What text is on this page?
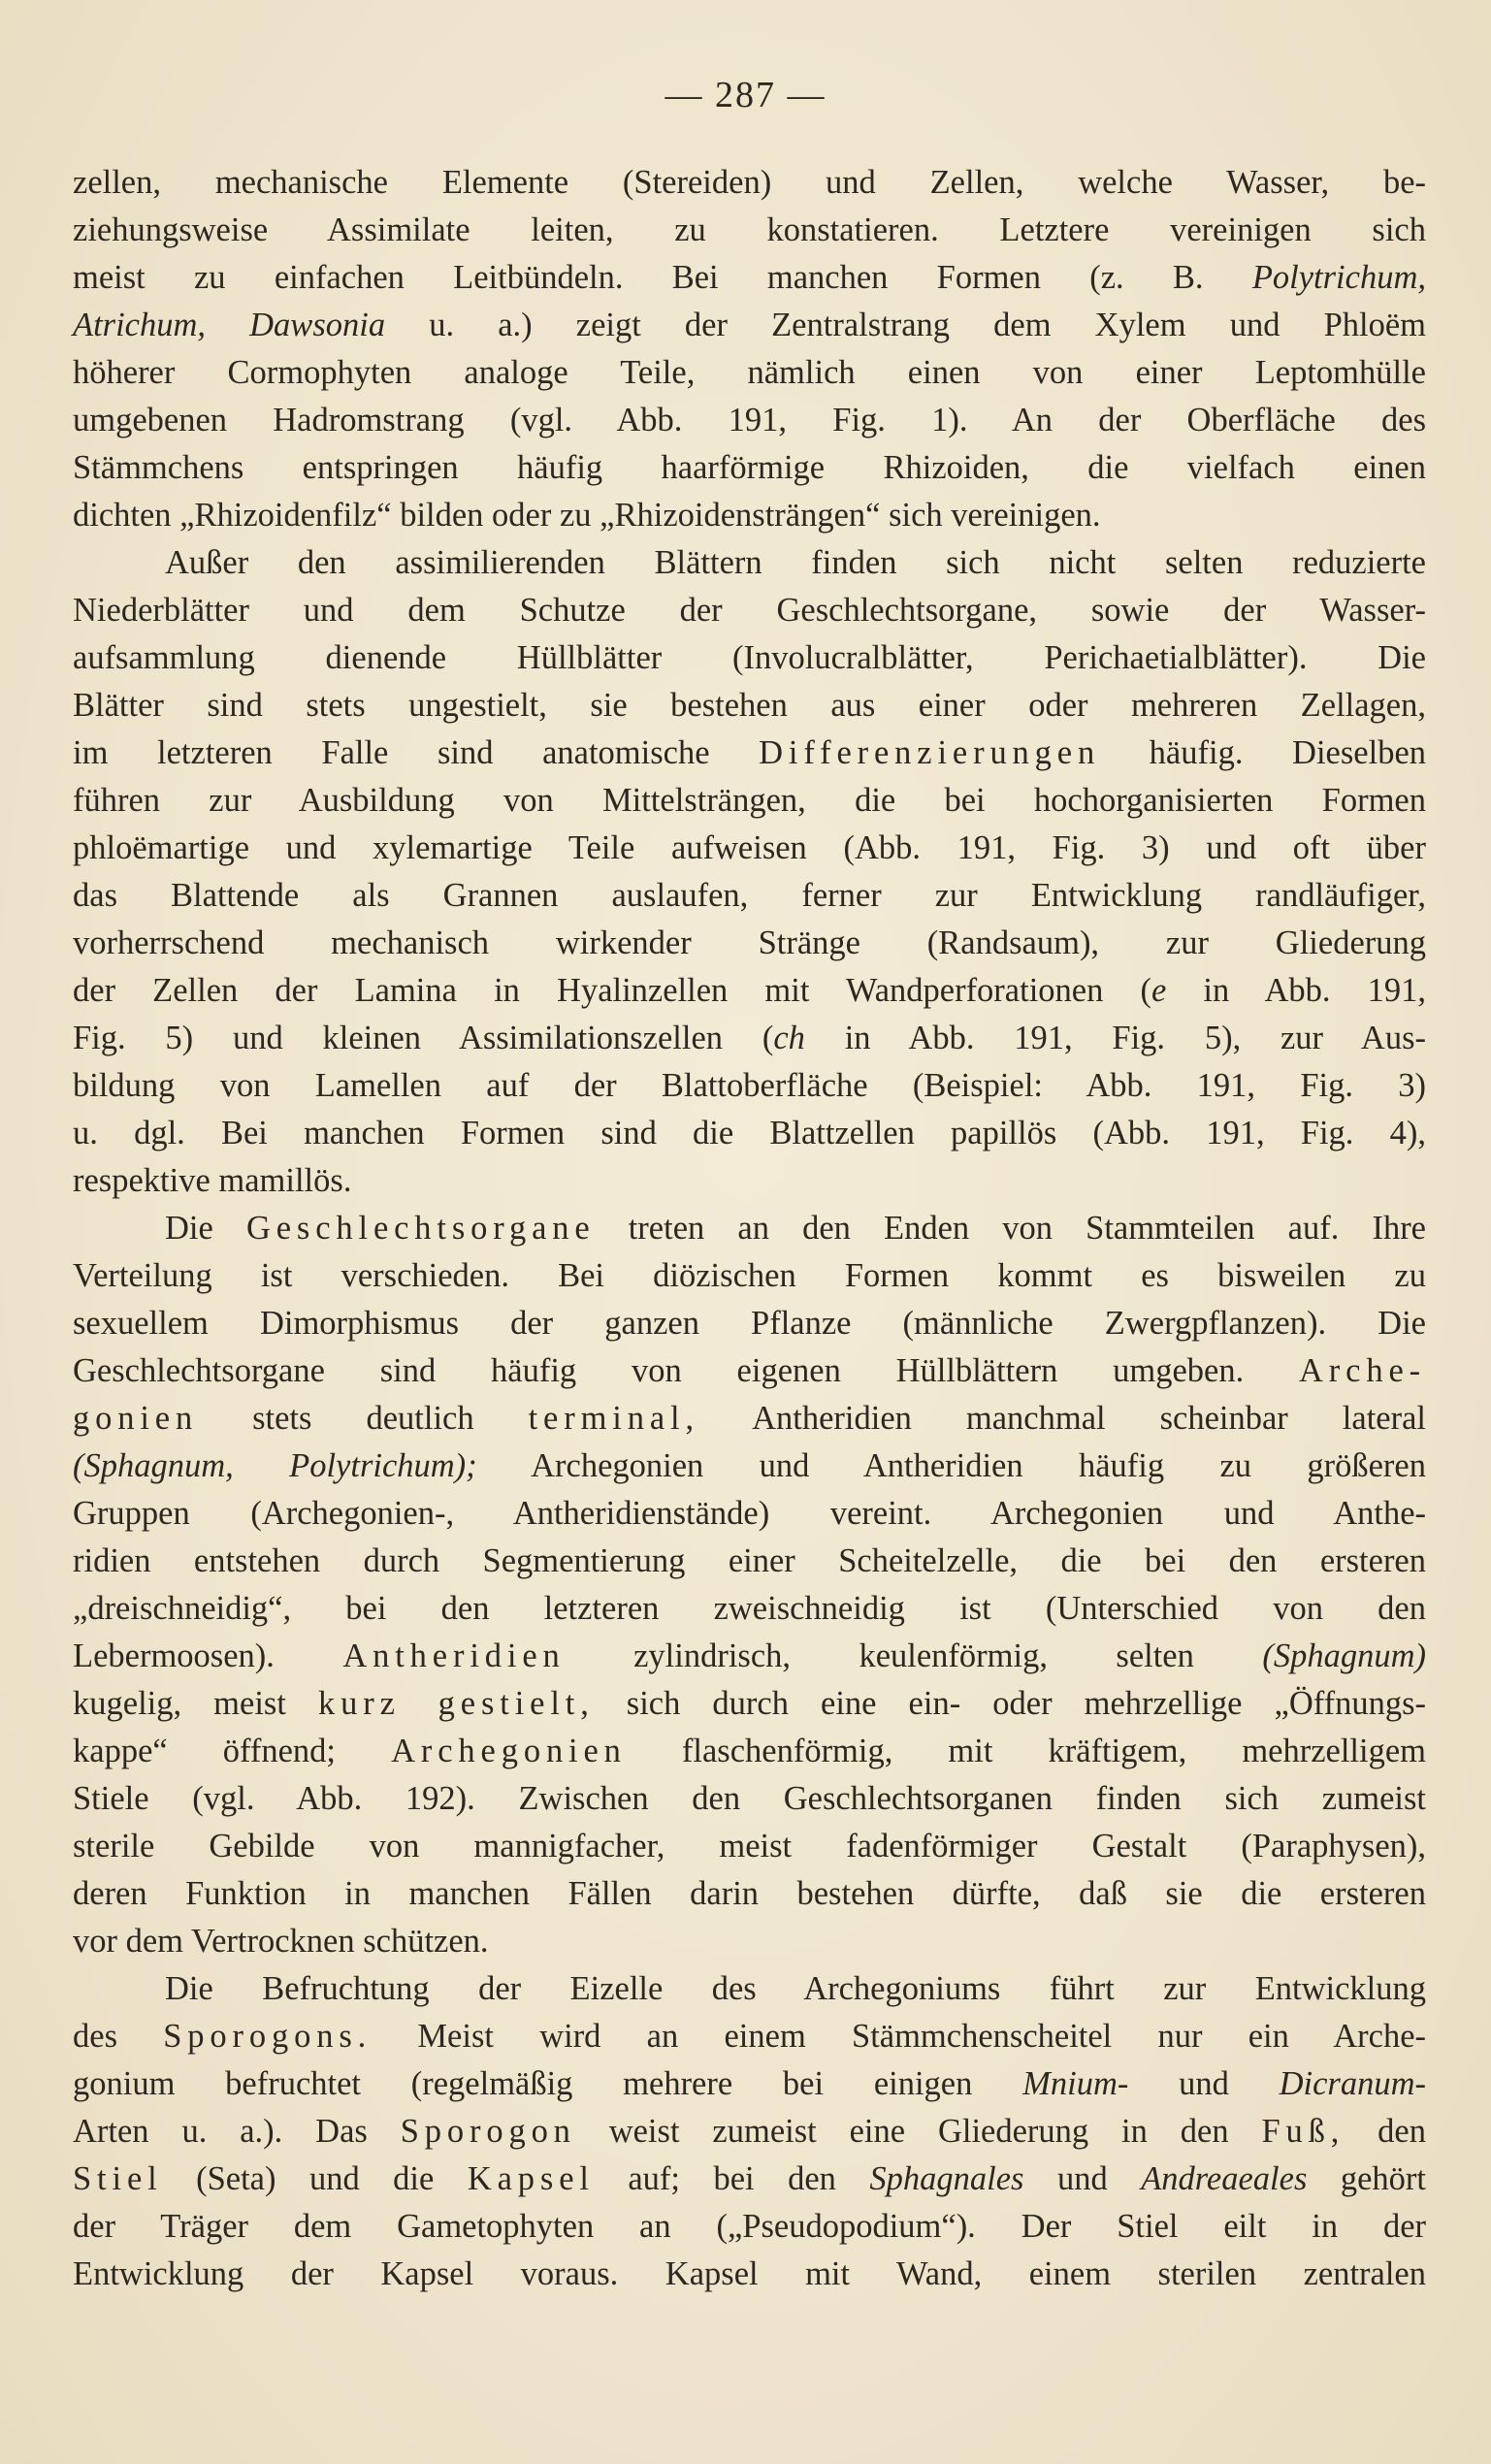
— 287 —
zellen, mechanische Elemente (Stereiden) und Zellen, welche Wasser, be-
ziehungsweise Assimilate leiten, zu konstatieren. Letztere vereinigen sich
meist zu einfachen Leitbündeln. Bei manchen Formen (z. B. Polytrichum,
Atrichum, Dawsonia u. a.) zeigt der Zentralstrang dem Xylem und Phloëm
höherer Cormophyten analoge Teile, nämlich einen von einer Leptomhülle
umgebenen Hadromstrang (vgl. Abb. 191, Fig. 1). An der Oberfläche des
Stämmchens entspringen häufig haarförmige Rhizoiden, die vielfach einen
dichten „Rhizoidenfilz“ bilden oder zu „Rhizoidensträngen“ sich vereinigen.
Außer den assimilierenden Blättern finden sich nicht selten reduzierte
Niederblätter und dem Schutze der Geschlechtsorgane, sowie der Wasser-
aufsammlung dienende Hüllblätter (Involucralblätter, Perichaetialblätter). Die
Blätter sind stets ungestielt, sie bestehen aus einer oder mehreren Zellagen,
im letzteren Falle sind anatomische Differenzierungen häufig. Dieselben
führen zur Ausbildung von Mittelsträngen, die bei hochorganisierten Formen
phloëmartige und xylemartige Teile aufweisen (Abb. 191, Fig. 3) und oft über
das Blattende als Grannen auslaufen, ferner zur Entwicklung randläufiger,
vorherrschend mechanisch wirkender Stränge (Randsaum), zur Gliederung
der Zellen der Lamina in Hyalinzellen mit Wandperforationen (e in Abb. 191,
Fig. 5) und kleinen Assimilationszellen (ch in Abb. 191, Fig. 5), zur Aus-
bildung von Lamellen auf der Blattoberfläche (Beispiel: Abb. 191, Fig. 3)
u. dgl. Bei manchen Formen sind die Blattzellen papillös (Abb. 191, Fig. 4),
respektive mamillös.
Die Geschlechtsorgane treten an den Enden von Stammteilen auf. Ihre
Verteilung ist verschieden. Bei diözischen Formen kommt es bisweilen zu
sexuellem Dimorphismus der ganzen Pflanze (männliche Zwergpflanzen). Die
Geschlechtsorgane sind häufig von eigenen Hüllblättern umgeben. Arche-
gonien stets deutlich terminal, Antheridien manchmal scheinbar lateral
(Sphagnum, Polytrichum); Archegonien und Antheridien häufig zu größeren
Gruppen (Archegonien-, Antheridienstände) vereint. Archegonien und Anthe-
ridien entstehen durch Segmentierung einer Scheitelzelle, die bei den ersteren
„dreischneidig“, bei den letzteren zweischneidig ist (Unterschied von den
Lebermoosen). Antheridien zylindrisch, keulenförmig, selten (Sphagnum)
kugelig, meist kurz gestielt, sich durch eine ein- oder mehrzellige „Öffnungs-
kappe“ öffnend; Archegonien flaschenförmig, mit kräftigem, mehrzelligem
Stiele (vgl. Abb. 192). Zwischen den Geschlechtsorganen finden sich zumeist
sterile Gebilde von mannigfacher, meist fadenförmiger Gestalt (Paraphysen),
deren Funktion in manchen Fällen darin bestehen dürfte, daß sie die ersteren
vor dem Vertrocknen schützen.
Die Befruchtung der Eizelle des Archegoniums führt zur Entwicklung
des Sporogons. Meist wird an einem Stämmchenscheitel nur ein Arche-
gonium befruchtet (regelmäßig mehrere bei einigen Mnium- und Dicranum-
Arten u. a.). Das Sporogon weist zumeist eine Gliederung in den Fuß, den
Stiel (Seta) und die Kapsel auf; bei den Sphagnales und Andreaeales gehört
der Träger dem Gametophyten an („Pseudopodium“). Der Stiel eilt in der
Entwicklung der Kapsel voraus. Kapsel mit Wand, einem sterilen zentralen
